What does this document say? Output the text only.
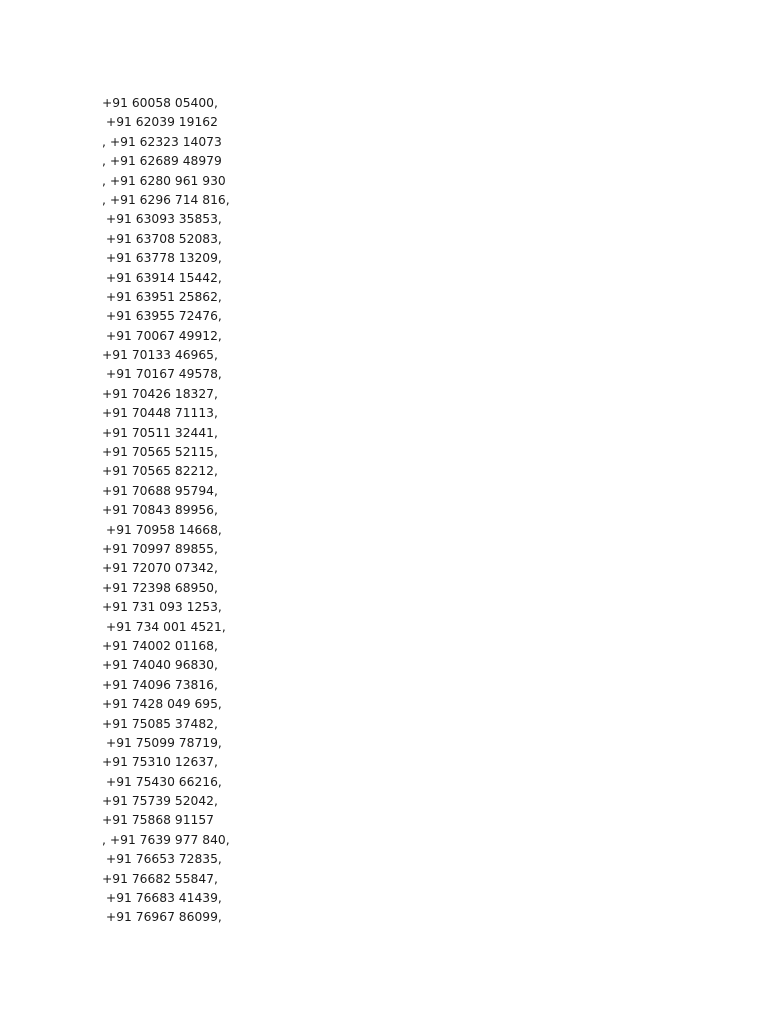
+91 60058 05400,
+91 62039 19162
, +91 62323 14073
, +91 62689 48979
, +91 6280 961 930
, +91 6296 714 816,
+91 63093 35853,
+91 63708 52083,
+91 63778 13209,
+91 63914 15442,
+91 63951 25862,
+91 63955 72476,
+91 70067 49912,
+91 70133 46965,
+91 70167 49578,
+91 70426 18327,
+91 70448 71113,
+91 70511 32441,
+91 70565 52115,
+91 70565 82212,
+91 70688 95794,
+91 70843 89956,
+91 70958 14668,
+91 70997 89855,
+91 72070 07342,
+91 72398 68950,
+91 731 093 1253,
+91 734 001 4521,
+91 74002 01168,
+91 74040 96830,
+91 74096 73816,
+91 7428 049 695,
+91 75085 37482,
+91 75099 78719,
+91 75310 12637,
+91 75430 66216,
+91 75739 52042,
+91 75868 91157
, +91 7639 977 840,
+91 76653 72835,
+91 76682 55847,
+91 76683 41439,
+91 76967 86099,
